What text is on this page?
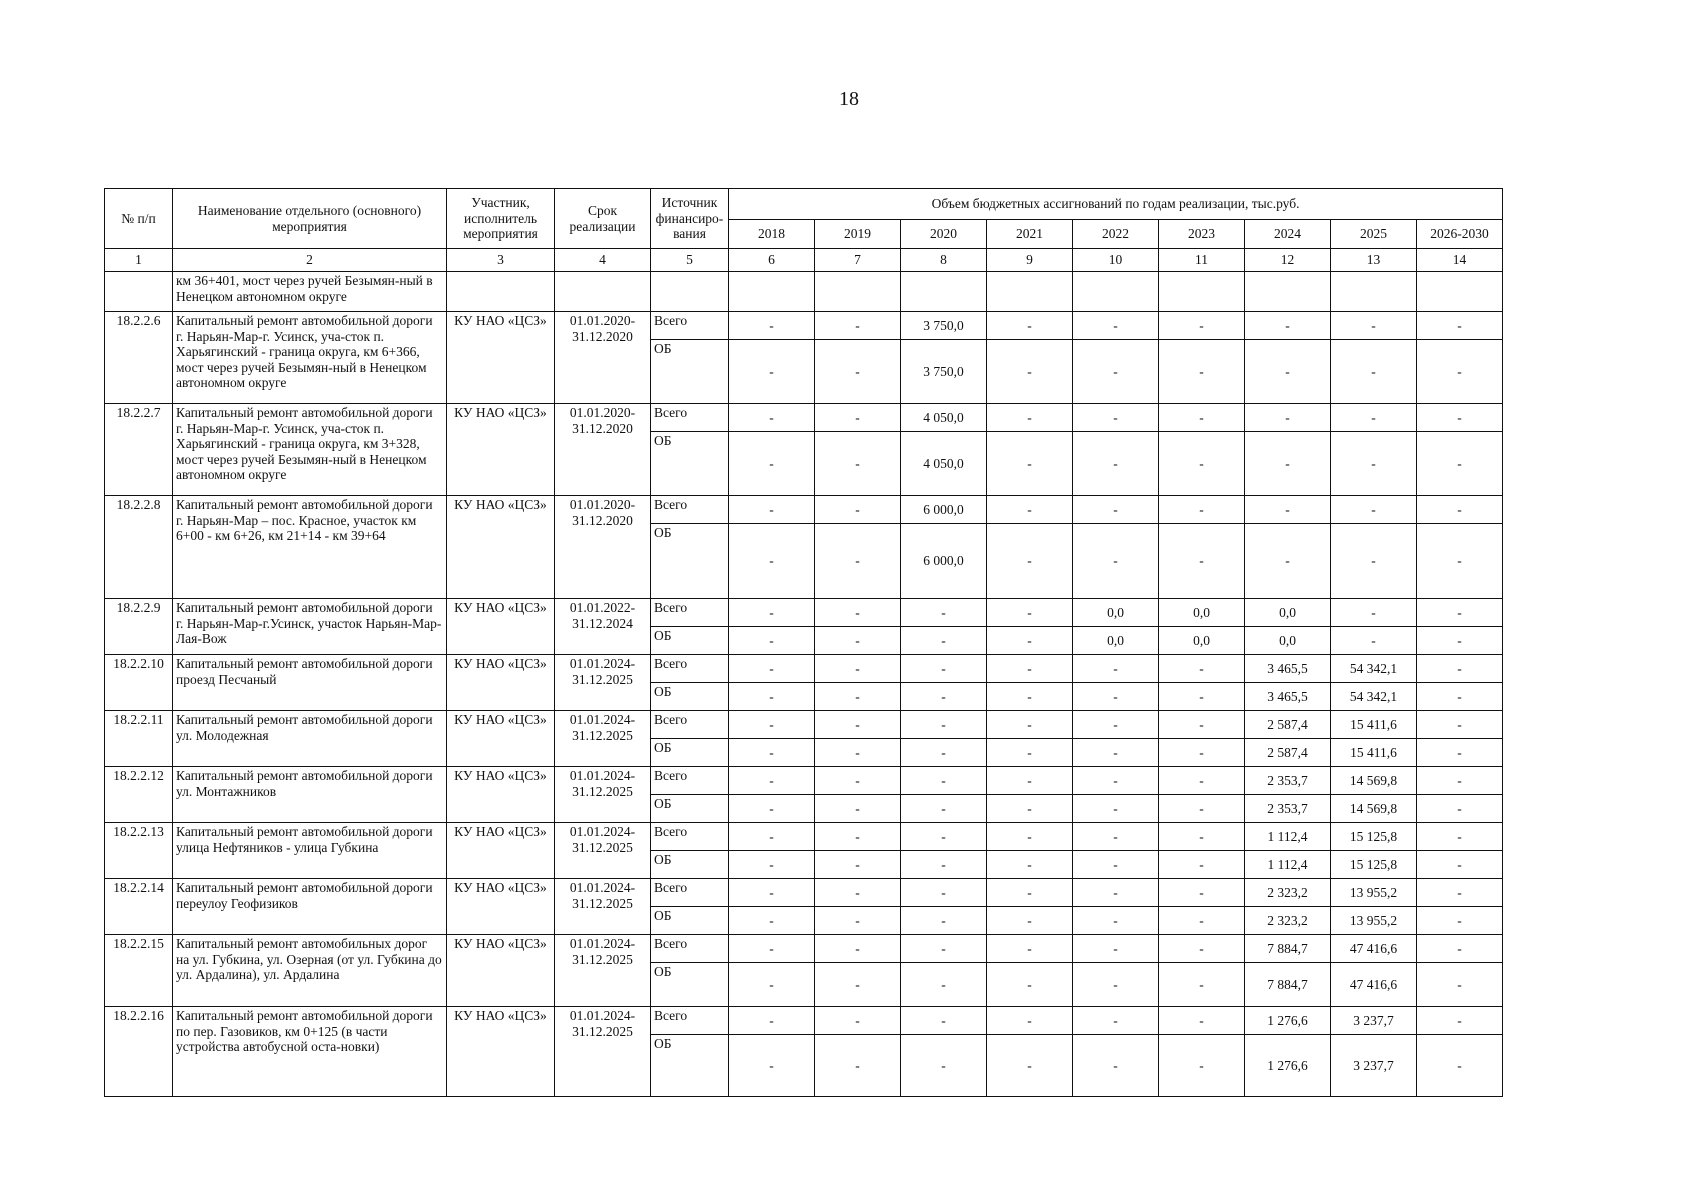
18
№ п/п	Наименование отдельного (основного) мероприятия	Участник, исполнитель мероприятия	Срок реализации	Источник финансиро-вания	Объем бюджетных ассигнований по годам реализации, тыс.руб.								
					2018	2019	2020	2021	2022	2023	2024	2025	2026-2030
1	2	3	4	5	6	7	8	9	10	11	12	13	14
	км 36+401, мост через ручей Безымян-ный в Ненецком автономном округе												
18.2.2.6	Капитальный ремонт автомобильной дороги г. Нарьян-Мар-г. Усинск, уча-сток п. Харьягинский - граница округа, км 6+366, мост через ручей Безымян-ный в Ненецком автономном округе	КУ НАО «ЦСЗ»	01.01.2020-31.12.2020	Всего	-	-	3 750,0	-	-	-	-	-	-
				ОБ	-	-	3 750,0	-	-	-	-	-	-
18.2.2.7	Капитальный ремонт автомобильной дороги г. Нарьян-Мар-г. Усинск, уча-сток п. Харьягинский - граница округа, км 3+328, мост через ручей Безымян-ный в Ненецком автономном округе	КУ НАО «ЦСЗ»	01.01.2020-31.12.2020	Всего	-	-	4 050,0	-	-	-	-	-	-
				ОБ	-	-	4 050,0	-	-	-	-	-	-
18.2.2.8	Капитальный ремонт автомобильной дороги г. Нарьян-Мар – пос. Красное, участок км 6+00 - км 6+26, км 21+14 - км 39+64	КУ НАО «ЦСЗ»	01.01.2020-31.12.2020	Всего	-	-	6 000,0	-	-	-	-	-	-
				ОБ	-	-	6 000,0	-	-	-	-	-	-
18.2.2.9	Капитальный ремонт автомобильной дороги г. Нарьян-Мар-г.Усинск, участок Нарьян-Мар-Лая-Вож	КУ НАО «ЦСЗ»	01.01.2022-31.12.2024	Всего	-	-	-	-	0,0	0,0	0,0	-	-
				ОБ	-	-	-	-	0,0	0,0	0,0	-	-
18.2.2.10	Капитальный ремонт автомобильной дороги проезд Песчаный	КУ НАО «ЦСЗ»	01.01.2024-31.12.2025	Всего	-	-	-	-	-	-	3 465,5	54 342,1	-
				ОБ	-	-	-	-	-	-	3 465,5	54 342,1	-
18.2.2.11	Капитальный ремонт автомобильной дороги ул. Молодежная	КУ НАО «ЦСЗ»	01.01.2024-31.12.2025	Всего	-	-	-	-	-	-	2 587,4	15 411,6	-
				ОБ	-	-	-	-	-	-	2 587,4	15 411,6	-
18.2.2.12	Капитальный ремонт автомобильной дороги ул. Монтажников	КУ НАО «ЦСЗ»	01.01.2024-31.12.2025	Всего	-	-	-	-	-	-	2 353,7	14 569,8	-
				ОБ	-	-	-	-	-	-	2 353,7	14 569,8	-
18.2.2.13	Капитальный ремонт автомобильной дороги улица Нефтяников - улица Губкина	КУ НАО «ЦСЗ»	01.01.2024-31.12.2025	Всего	-	-	-	-	-	-	1 112,4	15 125,8	-
				ОБ	-	-	-	-	-	-	1 112,4	15 125,8	-
18.2.2.14	Капитальный ремонт автомобильной дороги переулоу Геофизиков	КУ НАО «ЦСЗ»	01.01.2024-31.12.2025	Всего	-	-	-	-	-	-	2 323,2	13 955,2	-
				ОБ	-	-	-	-	-	-	2 323,2	13 955,2	-
18.2.2.15	Капитальный ремонт автомобильных дорог на ул. Губкина, ул. Озерная (от ул. Губкина до ул. Ардалина), ул. Ардалина	КУ НАО «ЦСЗ»	01.01.2024-31.12.2025	Всего	-	-	-	-	-	-	7 884,7	47 416,6	-
				ОБ	-	-	-	-	-	-	7 884,7	47 416,6	-
18.2.2.16	Капитальный ремонт автомобильной дороги по пер. Газовиков, км 0+125 (в части устройства автобусной оста-новки)	КУ НАО «ЦСЗ»	01.01.2024-31.12.2025	Всего	-	-	-	-	-	-	1 276,6	3 237,7	-
				ОБ	-	-	-	-	-	-	1 276,6	3 237,7	-
